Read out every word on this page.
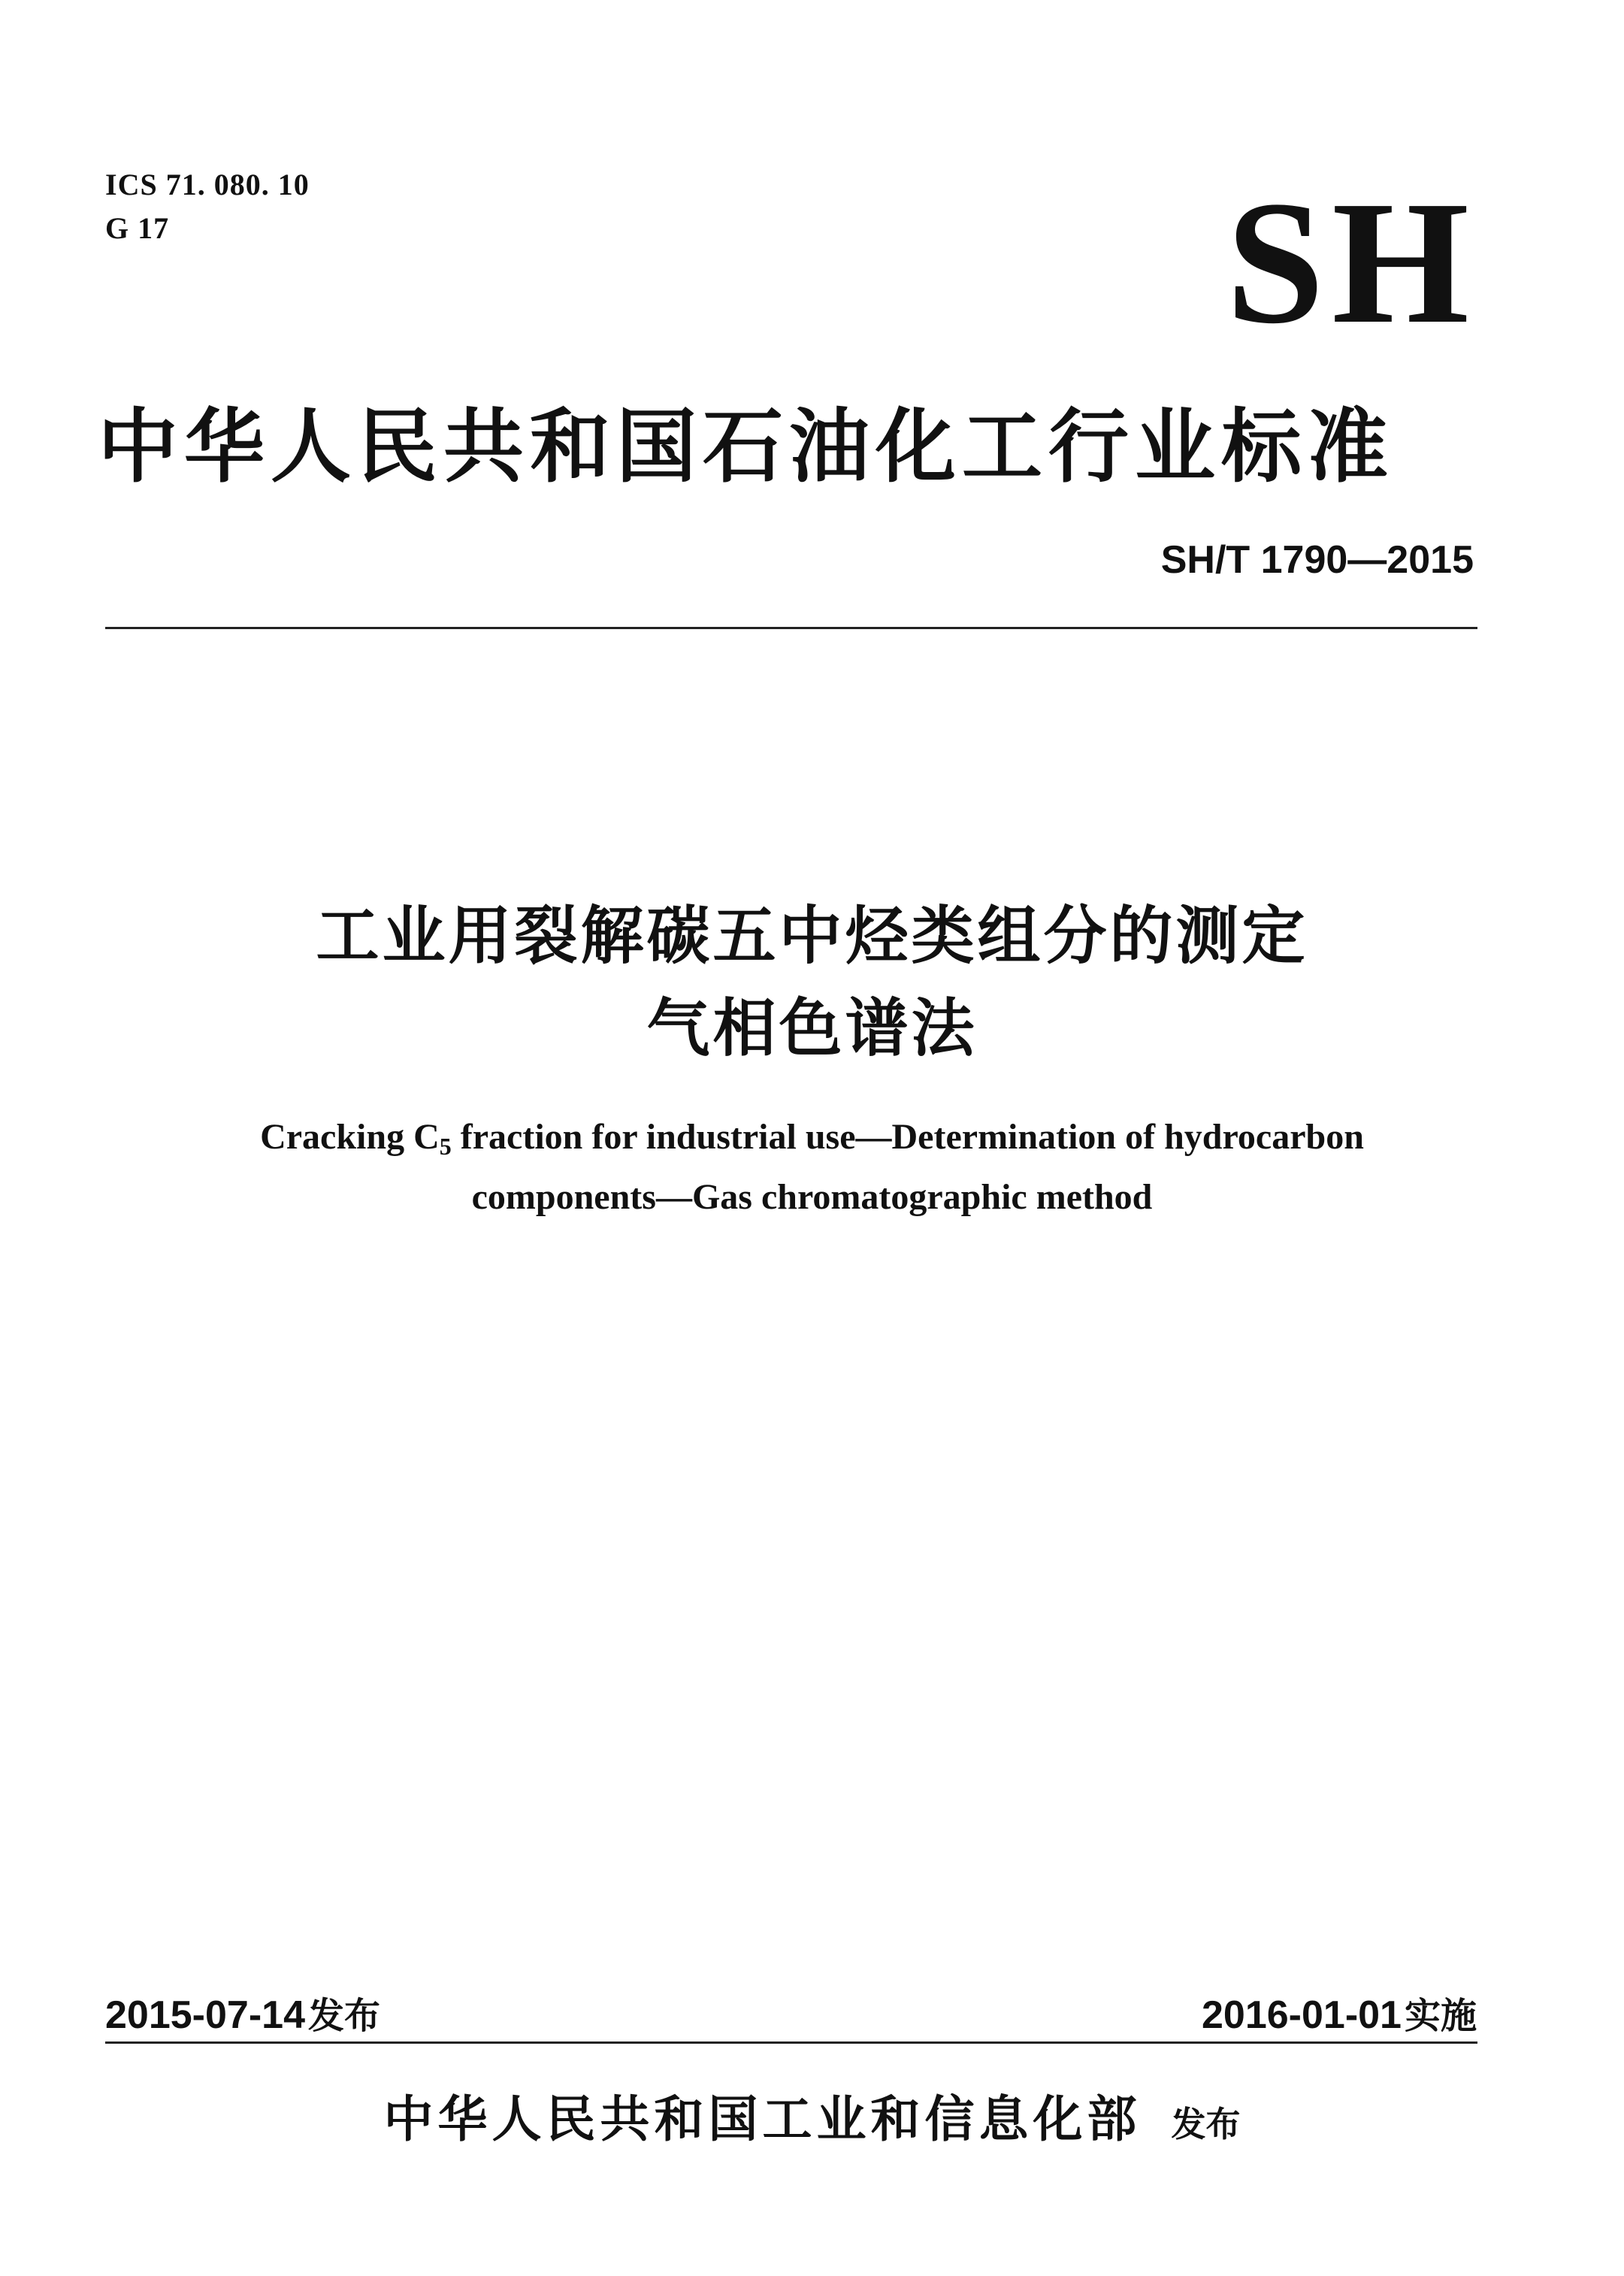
ICS 71. 080. 10
G 17	SH
中华人民共和国石油化工行业标准
SH/T 1790—2015
工业用裂解碳五中烃类组分的测定
气相色谱法
Cracking $C_5$ fraction for industrial use—Determination of hydrocarbon
components—Gas chromatographic method
2015-07-14发布	2016-01-01实施
中华人民共和国工业和信息化部 发布
